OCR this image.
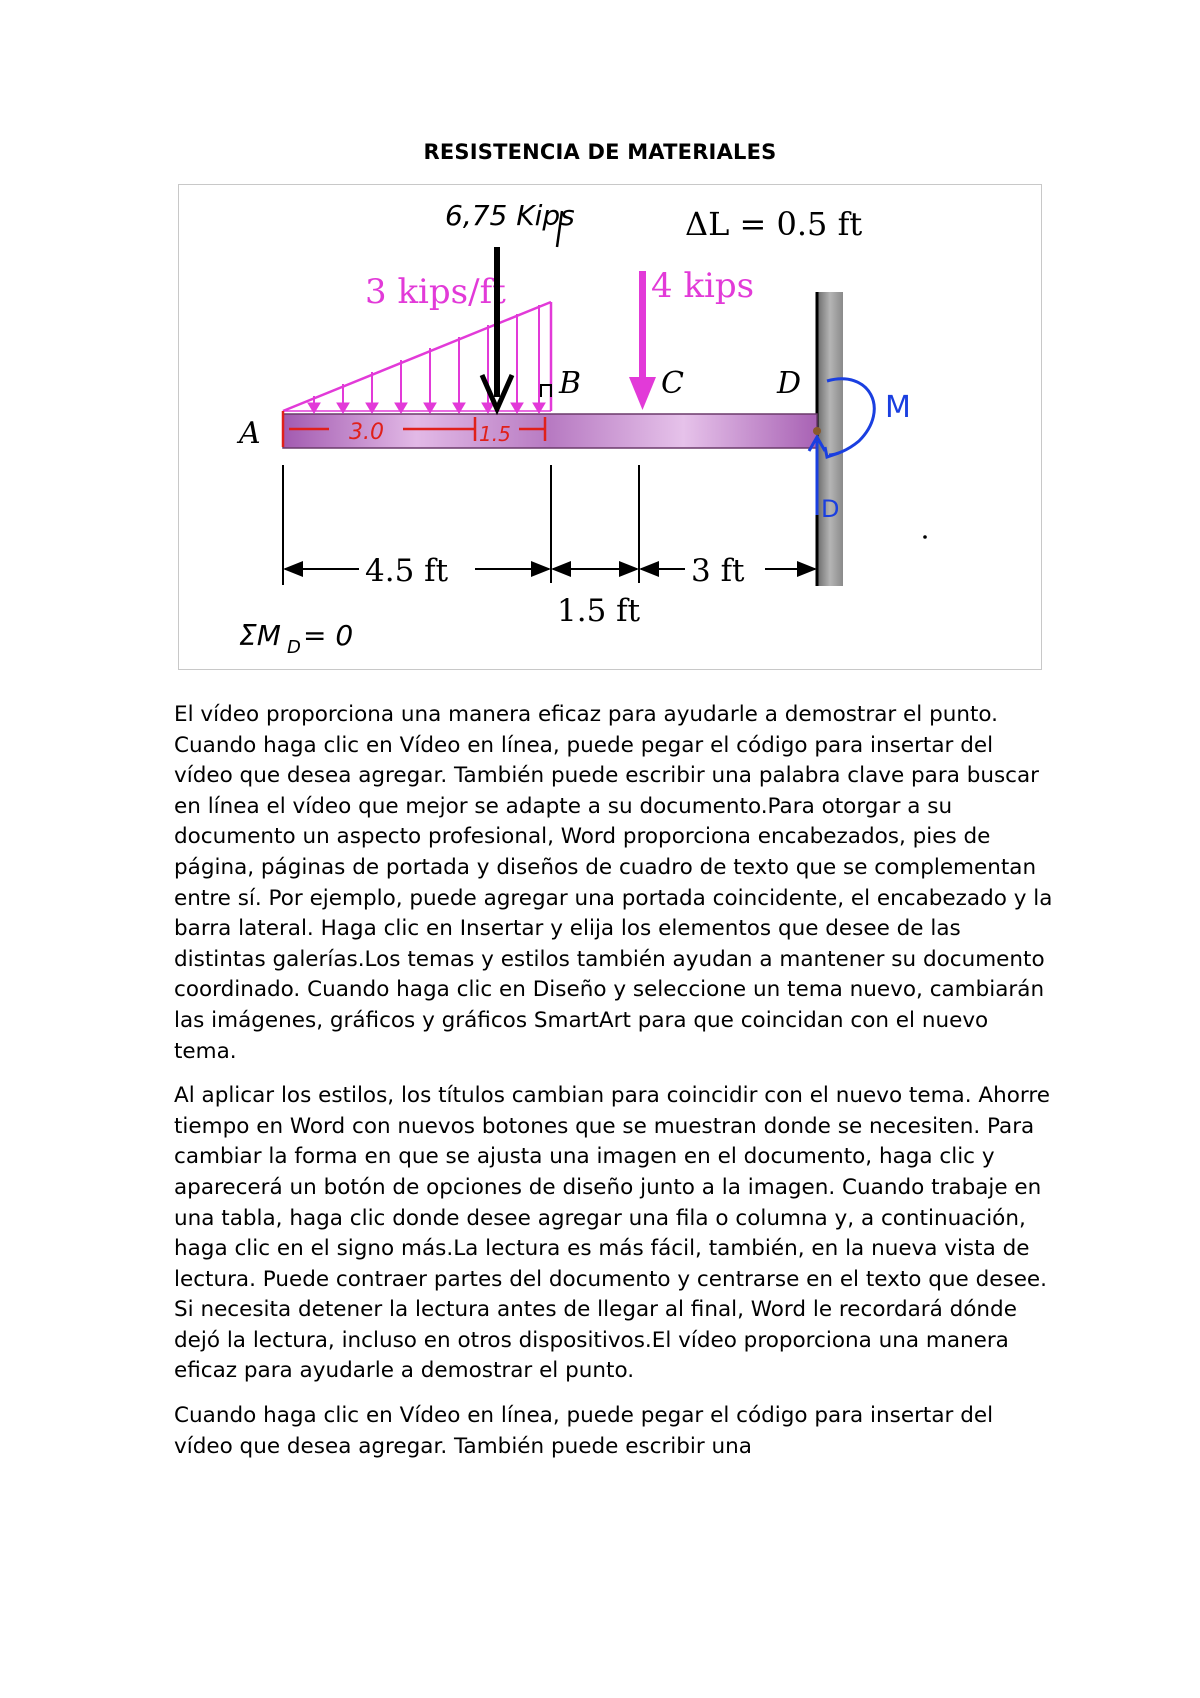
RESISTENCIA DE MATERIALES
3 kips/ft	4 kips
6,75 Kips	ΔL = 0.5 ft
A
B	C	D
3.0	1.5
M
D
4.5 ft
1.5 ft
3 ft
ΣM D = 0

El vídeo proporciona una manera eficaz para ayudarle a demostrar el punto. Cuando haga clic en Vídeo en línea, puede pegar el código para insertar del vídeo que desea agregar. También puede escribir una palabra clave para buscar en línea el vídeo que mejor se adapte a su documento.Para otorgar a su documento un aspecto profesional, Word proporciona encabezados, pies de página, páginas de portada y diseños de cuadro de texto que se complementan entre sí. Por ejemplo, puede agregar una portada coincidente, el encabezado y la barra lateral. Haga clic en Insertar y elija los elementos que desee de las distintas galerías.Los temas y estilos también ayudan a mantener su documento coordinado. Cuando haga clic en Diseño y seleccione un tema nuevo, cambiarán las imágenes, gráficos y gráficos SmartArt para que coincidan con el nuevo tema.

Al aplicar los estilos, los títulos cambian para coincidir con el nuevo tema. Ahorre tiempo en Word con nuevos botones que se muestran donde se necesiten. Para cambiar la forma en que se ajusta una imagen en el documento, haga clic y aparecerá un botón de opciones de diseño junto a la imagen. Cuando trabaje en una tabla, haga clic donde desee agregar una fila o columna y, a continuación, haga clic en el signo más.La lectura es más fácil, también, en la nueva vista de lectura. Puede contraer partes del documento y centrarse en el texto que desee. Si necesita detener la lectura antes de llegar al final, Word le recordará dónde dejó la lectura, incluso en otros dispositivos.El vídeo proporciona una manera eficaz para ayudarle a demostrar el punto.

Cuando haga clic en Vídeo en línea, puede pegar el código para insertar del vídeo que desea agregar. También puede escribir una
